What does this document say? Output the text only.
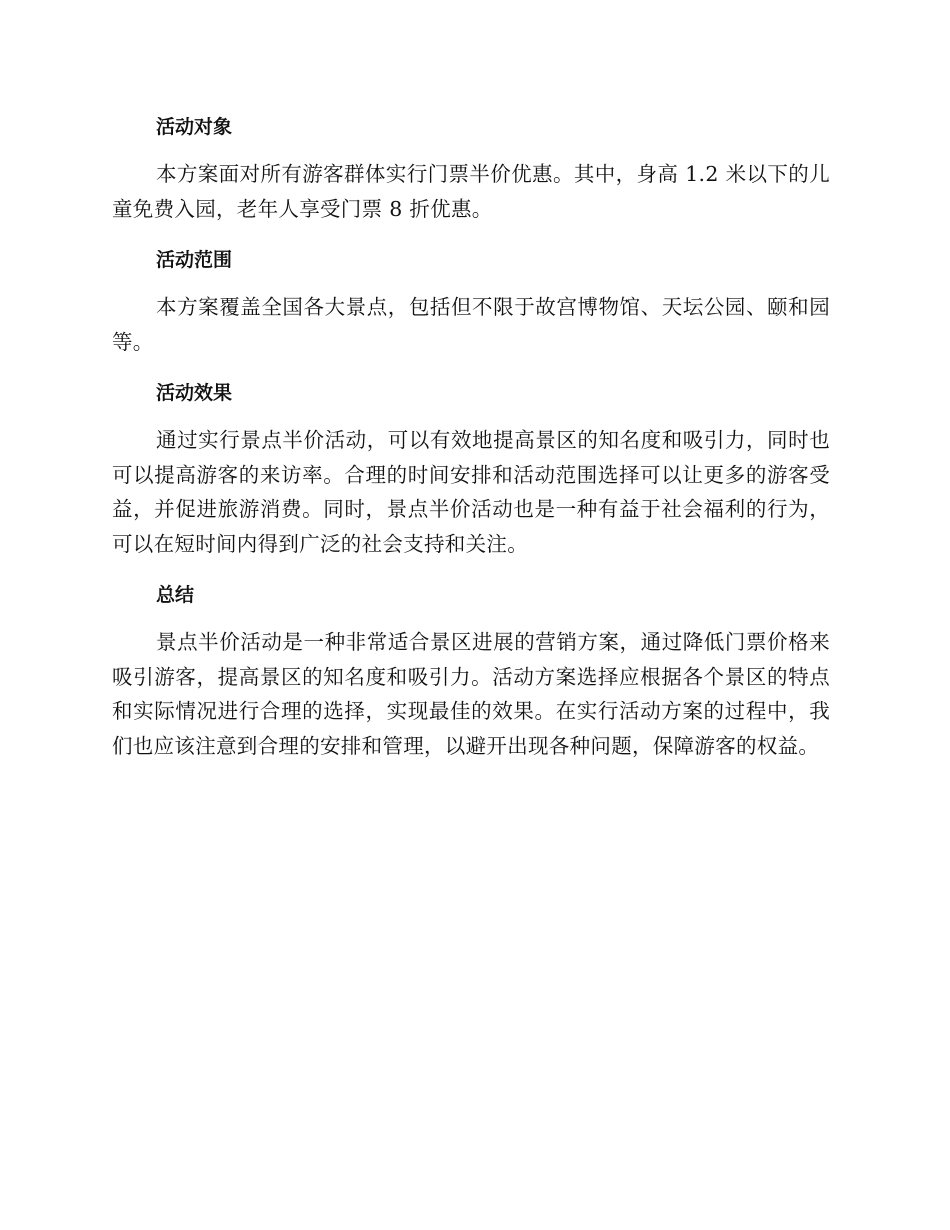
活动对象

本方案面对所有游客群体实行门票半价优惠。其中，身高 1.2 米以下的儿童免费入园，老年人享受门票 8 折优惠。

活动范围

本方案覆盖全国各大景点，包括但不限于故宫博物馆、天坛公园、颐和园等。

活动效果

通过实行景点半价活动，可以有效地提高景区的知名度和吸引力，同时也可以提高游客的来访率。合理的时间安排和活动范围选择可以让更多的游客受益，并促进旅游消费。同时，景点半价活动也是一种有益于社会福利的行为，可以在短时间内得到广泛的社会支持和关注。

总结

景点半价活动是一种非常适合景区进展的营销方案，通过降低门票价格来吸引游客，提高景区的知名度和吸引力。活动方案选择应根据各个景区的特点和实际情况进行合理的选择，实现最佳的效果。在实行活动方案的过程中，我们也应该注意到合理的安排和管理，以避开出现各种问题，保障游客的权益。
